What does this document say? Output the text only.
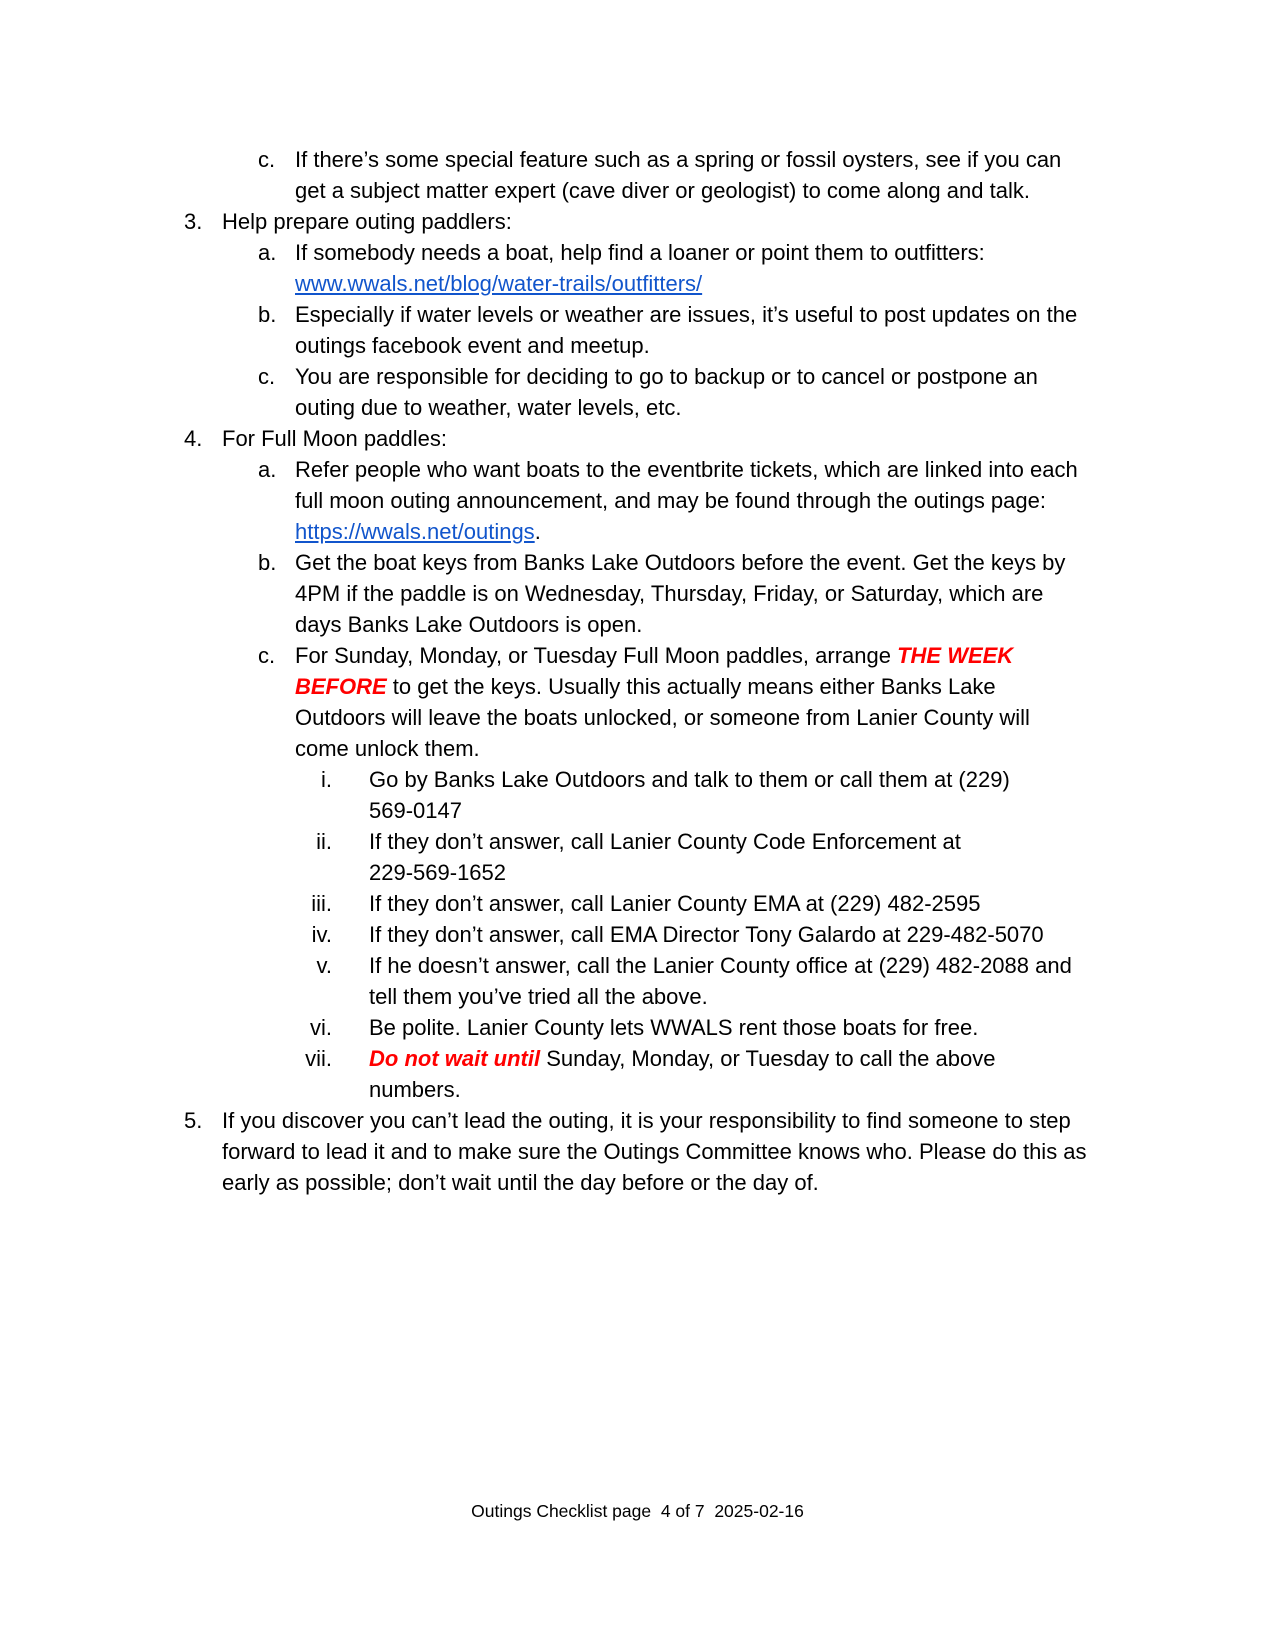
c. If there’s some special feature such as a spring or fossil oysters, see if you can
get a subject matter expert (cave diver or geologist) to come along and talk.
3. Help prepare outing paddlers:
a. If somebody needs a boat, help find a loaner or point them to outfitters:
www.wwals.net/blog/water-trails/outfitters/
b. Especially if water levels or weather are issues, it’s useful to post updates on the
outings facebook event and meetup.
c. You are responsible for deciding to go to backup or to cancel or postpone an
outing due to weather, water levels, etc.
4. For Full Moon paddles:
a. Refer people who want boats to the eventbrite tickets, which are linked into each
full moon outing announcement, and may be found through the outings page:
https://wwals.net/outings.
b. Get the boat keys from Banks Lake Outdoors before the event. Get the keys by
4PM if the paddle is on Wednesday, Thursday, Friday, or Saturday, which are
days Banks Lake Outdoors is open.
c. For Sunday, Monday, or Tuesday Full Moon paddles, arrange THE WEEK
BEFORE to get the keys. Usually this actually means either Banks Lake
Outdoors will leave the boats unlocked, or someone from Lanier County will
come unlock them.
i. Go by Banks Lake Outdoors and talk to them or call them at (229)
569-0147
ii. If they don’t answer, call Lanier County Code Enforcement at
229-569-1652
iii. If they don’t answer, call Lanier County EMA at (229) 482-2595
iv. If they don’t answer, call EMA Director Tony Galardo at 229-482-5070
v. If he doesn’t answer, call the Lanier County office at (229) 482-2088 and
tell them you’ve tried all the above.
vi. Be polite. Lanier County lets WWALS rent those boats for free.
vii. Do not wait until Sunday, Monday, or Tuesday to call the above
numbers.
5. If you discover you can’t lead the outing, it is your responsibility to find someone to step
forward to lead it and to make sure the Outings Committee knows who. Please do this as
early as possible; don’t wait until the day before or the day of.
Outings Checklist page  4 of 7  2025-02-16
